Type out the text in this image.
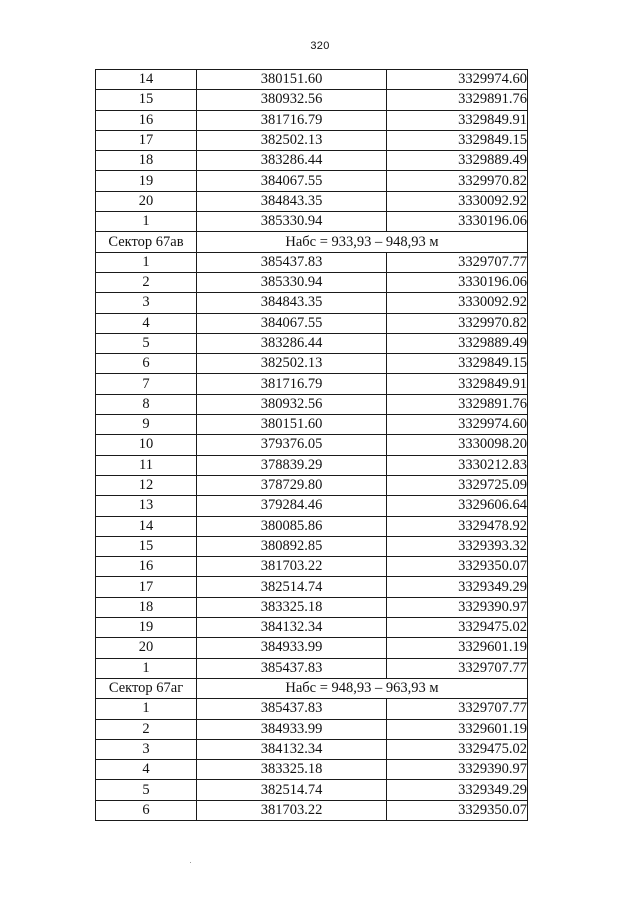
320
14	380151.60	3329974.60
15	380932.56	3329891.76
16	381716.79	3329849.91
17	382502.13	3329849.15
18	383286.44	3329889.49
19	384067.55	3329970.82
20	384843.35	3330092.92
1	385330.94	3330196.06
Сектор 67ав	Набс = 933,93 – 948,93 м	
1	385437.83	3329707.77
2	385330.94	3330196.06
3	384843.35	3330092.92
4	384067.55	3329970.82
5	383286.44	3329889.49
6	382502.13	3329849.15
7	381716.79	3329849.91
8	380932.56	3329891.76
9	380151.60	3329974.60
10	379376.05	3330098.20
11	378839.29	3330212.83
12	378729.80	3329725.09
13	379284.46	3329606.64
14	380085.86	3329478.92
15	380892.85	3329393.32
16	381703.22	3329350.07
17	382514.74	3329349.29
18	383325.18	3329390.97
19	384132.34	3329475.02
20	384933.99	3329601.19
1	385437.83	3329707.77
Сектор 67аг	Набс = 948,93 – 963,93 м	
1	385437.83	3329707.77
2	384933.99	3329601.19
3	384132.34	3329475.02
4	383325.18	3329390.97
5	382514.74	3329349.29
6	381703.22	3329350.07
